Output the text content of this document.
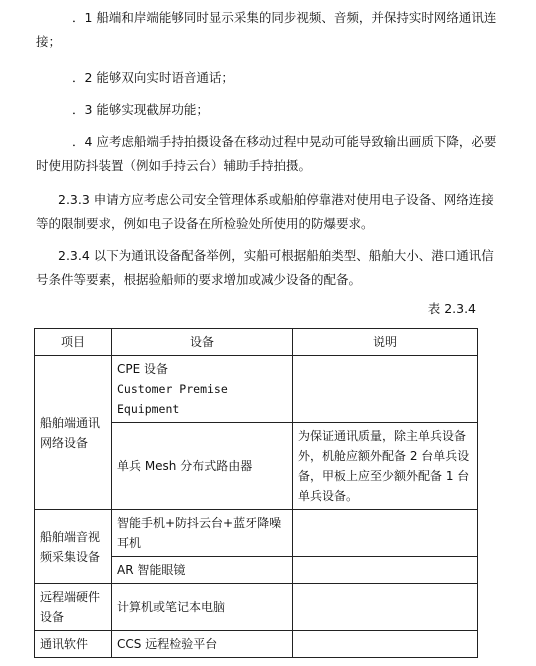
．1 船端和岸端能够同时显示采集的同步视频、音频，并保持实时网络通讯连接；

．2 能够双向实时语音通话；

．3 能够实现截屏功能；

．4 应考虑船端手持拍摄设备在移动过程中晃动可能导致输出画质下降，必要时使用防抖装置（例如手持云台）辅助手持拍摄。

2.3.3 申请方应考虑公司安全管理体系或船舶停靠港对使用电子设备、网络连接等的限制要求，例如电子设备在所检验处所使用的防爆要求。

2.3.4 以下为通讯设备配备举例，实船可根据船舶类型、船舶大小、港口通讯信号条件等要素，根据验船师的要求增加或减少设备的配备。

表 2.3.4
项目	设备	说明
船舶端通讯网络设备	CPE 设备
Customer Premise Equipment	

	单兵 Mesh 分布式路由器	为保证通讯质量，除主单兵设备外，机舱应额外配备 2 台单兵设备，甲板上应至少额外配备 1 台单兵设备。
船舶端音视频采集设备	智能手机+防抖云台+蓝牙降噪耳机	
	AR 智能眼镜	
远程端硬件设备	计算机或笔记本电脑	
通讯软件	CCS 远程检验平台	
